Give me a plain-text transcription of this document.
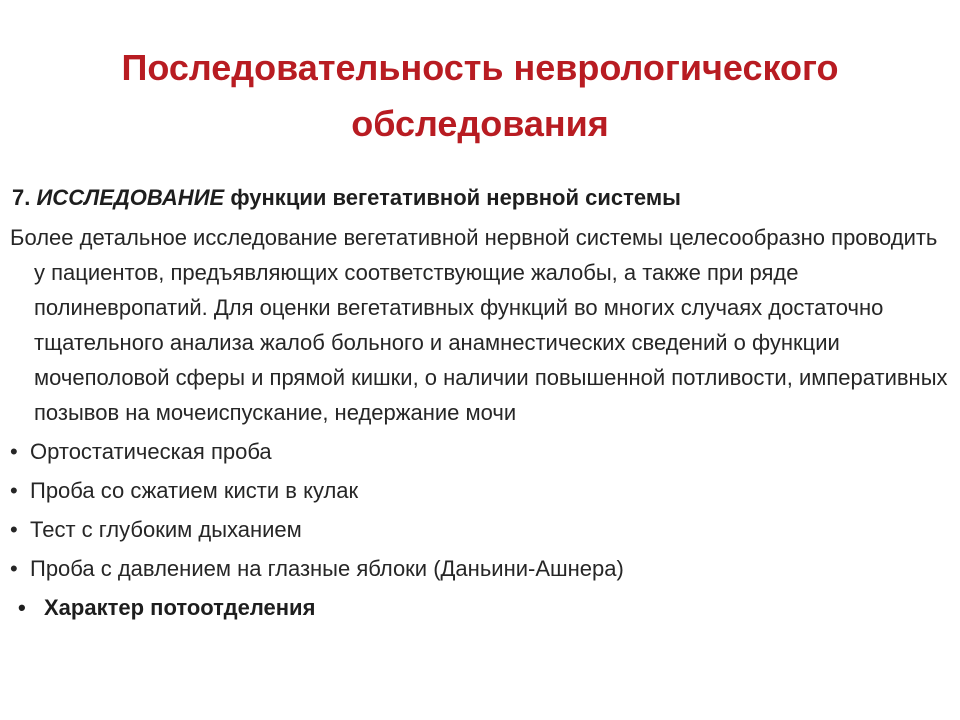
Последовательность неврологического обследования
7. ИССЛЕДОВАНИЕ функции вегетативной нервной системы

Более детальное исследование вегетативной нервной системы целесообразно проводить у пациентов, предъявляющих соответствующие жалобы, а также при ряде полиневропатий. Для оценки вегетативных функций во многих случаях достаточно тщательного анализа жалоб больного и анамнестических сведений о функции мочеполовой сферы и прямой кишки, о наличии повышенной потливости, императивных позывов на мочеиспускание, недержание мочи

• Ортостатическая проба
• Проба со сжатием кисти в кулак
• Тест с глубоким дыханием
• Проба с давлением на глазные яблоки (Даньини-Ашнера)
• Характер потоотделения
